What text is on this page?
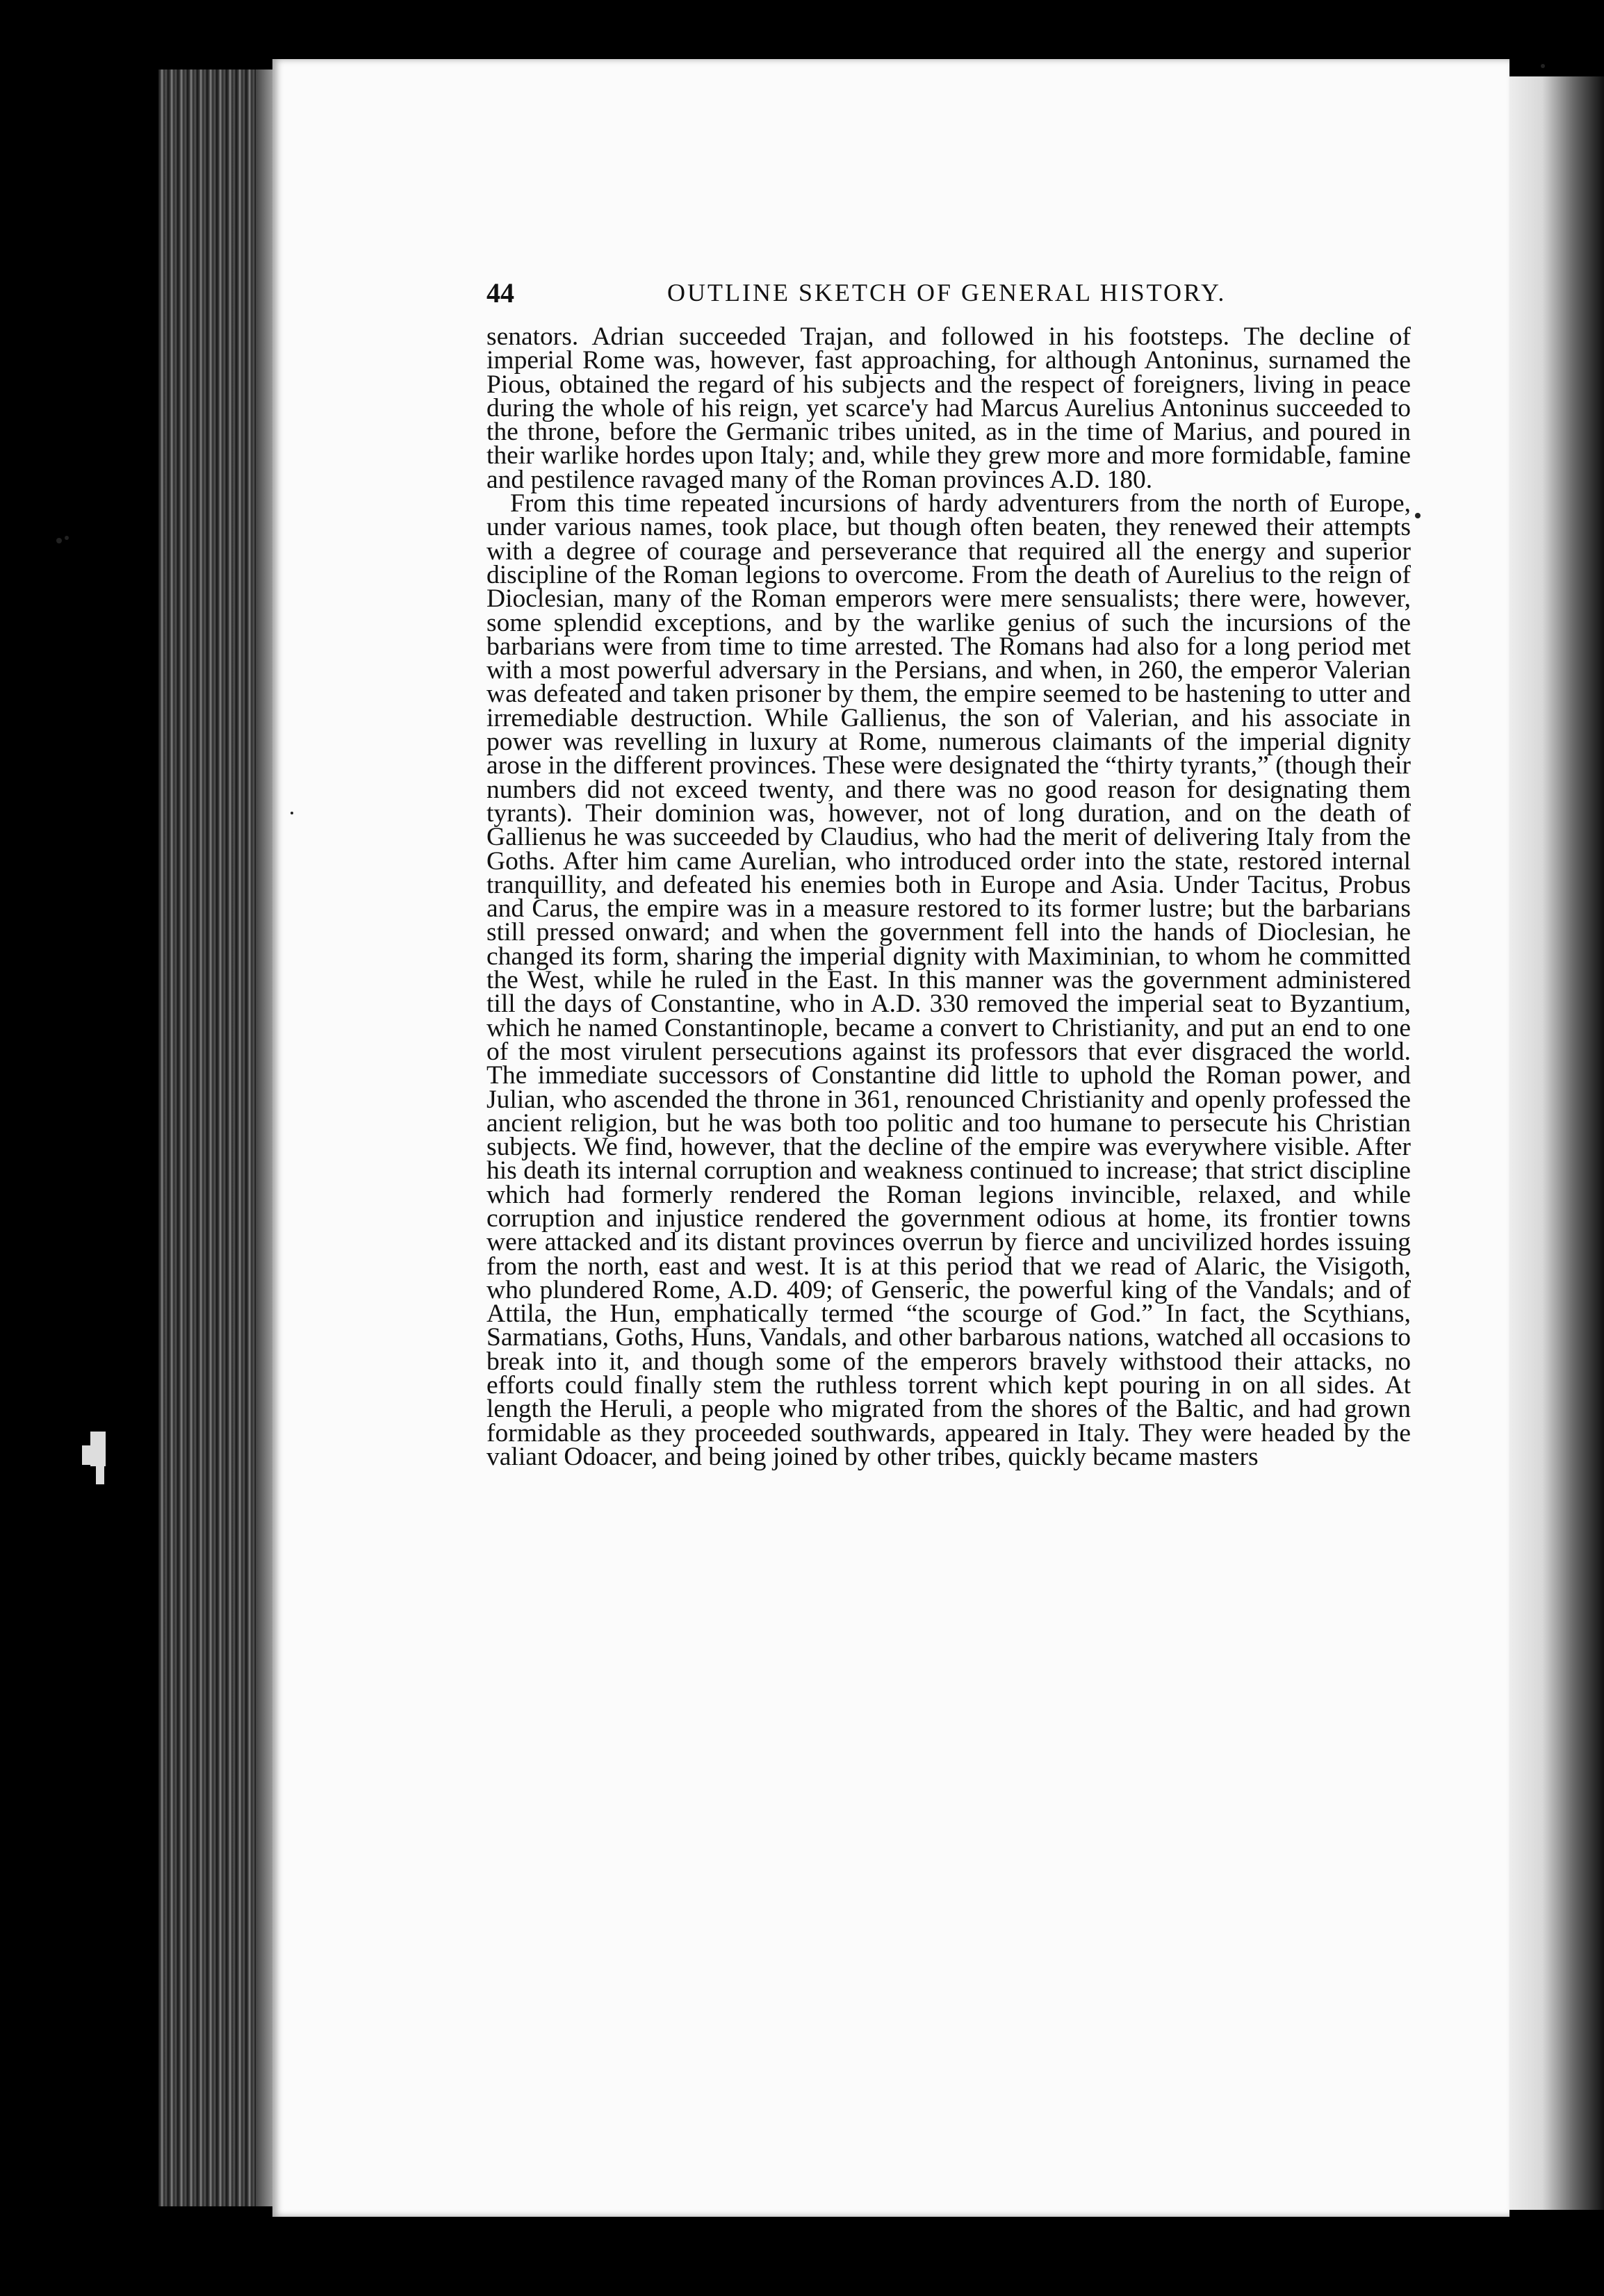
44	OUTLINE SKETCH OF GENERAL HISTORY.

senators. Adrian succeeded Trajan, and followed in his footsteps. The decline of imperial Rome was, however, fast approaching, for although Antoninus, surnamed the Pious, obtained the regard of his subjects and the respect of foreigners, living in peace during the whole of his reign, yet scarce'y had Marcus Aurelius Antoninus succeeded to the throne, before the Germanic tribes united, as in the time of Marius, and poured in their warlike hordes upon Italy; and, while they grew more and more formidable, famine and pestilence ravaged many of the Roman provinces A.D. 180.

From this time repeated incursions of hardy adventurers from the north of Europe, under various names, took place, but though often beaten, they renewed their attempts with a degree of courage and perseverance that required all the energy and superior discipline of the Roman legions to overcome. From the death of Aurelius to the reign of Dioclesian, many of the Roman emperors were mere sensualists; there were, however, some splendid exceptions, and by the warlike genius of such the incursions of the barbarians were from time to time arrested. The Romans had also for a long period met with a most powerful adversary in the Persians, and when, in 260, the emperor Valerian was defeated and taken prisoner by them, the empire seemed to be hastening to utter and irremediable destruction. While Gallienus, the son of Valerian, and his associate in power was revelling in luxury at Rome, numerous claimants of the imperial dignity arose in the different provinces. These were designated the “thirty tyrants,” (though their numbers did not exceed twenty, and there was no good reason for designating them tyrants). Their dominion was, however, not of long duration, and on the death of Gallienus he was succeeded by Claudius, who had the merit of delivering Italy from the Goths. After him came Aurelian, who introduced order into the state, restored internal tranquillity, and defeated his enemies both in Europe and Asia. Under Tacitus, Probus and Carus, the empire was in a measure restored to its former lustre; but the barbarians still pressed onward; and when the government fell into the hands of Dioclesian, he changed its form, sharing the imperial dignity with Maximinian, to whom he committed the West, while he ruled in the East. In this manner was the government administered till the days of Constantine, who in A.D. 330 removed the imperial seat to Byzantium, which he named Constantinople, became a convert to Christianity, and put an end to one of the most virulent persecutions against its professors that ever disgraced the world. The immediate successors of Constantine did little to uphold the Roman power, and Julian, who ascended the throne in 361, renounced Christianity and openly professed the ancient religion, but he was both too politic and too humane to persecute his Christian subjects. We find, however, that the decline of the empire was everywhere visible. After his death its internal corruption and weakness continued to increase; that strict discipline which had formerly rendered the Roman legions invincible, relaxed, and while corruption and injustice rendered the government odious at home, its frontier towns were attacked and its distant provinces overrun by fierce and uncivilized hordes issuing from the north, east and west. It is at this period that we read of Alaric, the Visigoth, who plundered Rome, A.D. 409; of Genseric, the powerful king of the Vandals; and of Attila, the Hun, emphatically termed “the scourge of God.” In fact, the Scythians, Sarmatians, Goths, Huns, Vandals, and other barbarous nations, watched all occasions to break into it, and though some of the emperors bravely withstood their attacks, no efforts could finally stem the ruthless torrent which kept pouring in on all sides. At length the Heruli, a people who migrated from the shores of the Baltic, and had grown formidable as they proceeded southwards, appeared in Italy. They were headed by the valiant Odoacer, and being joined by other tribes, quickly became masters
